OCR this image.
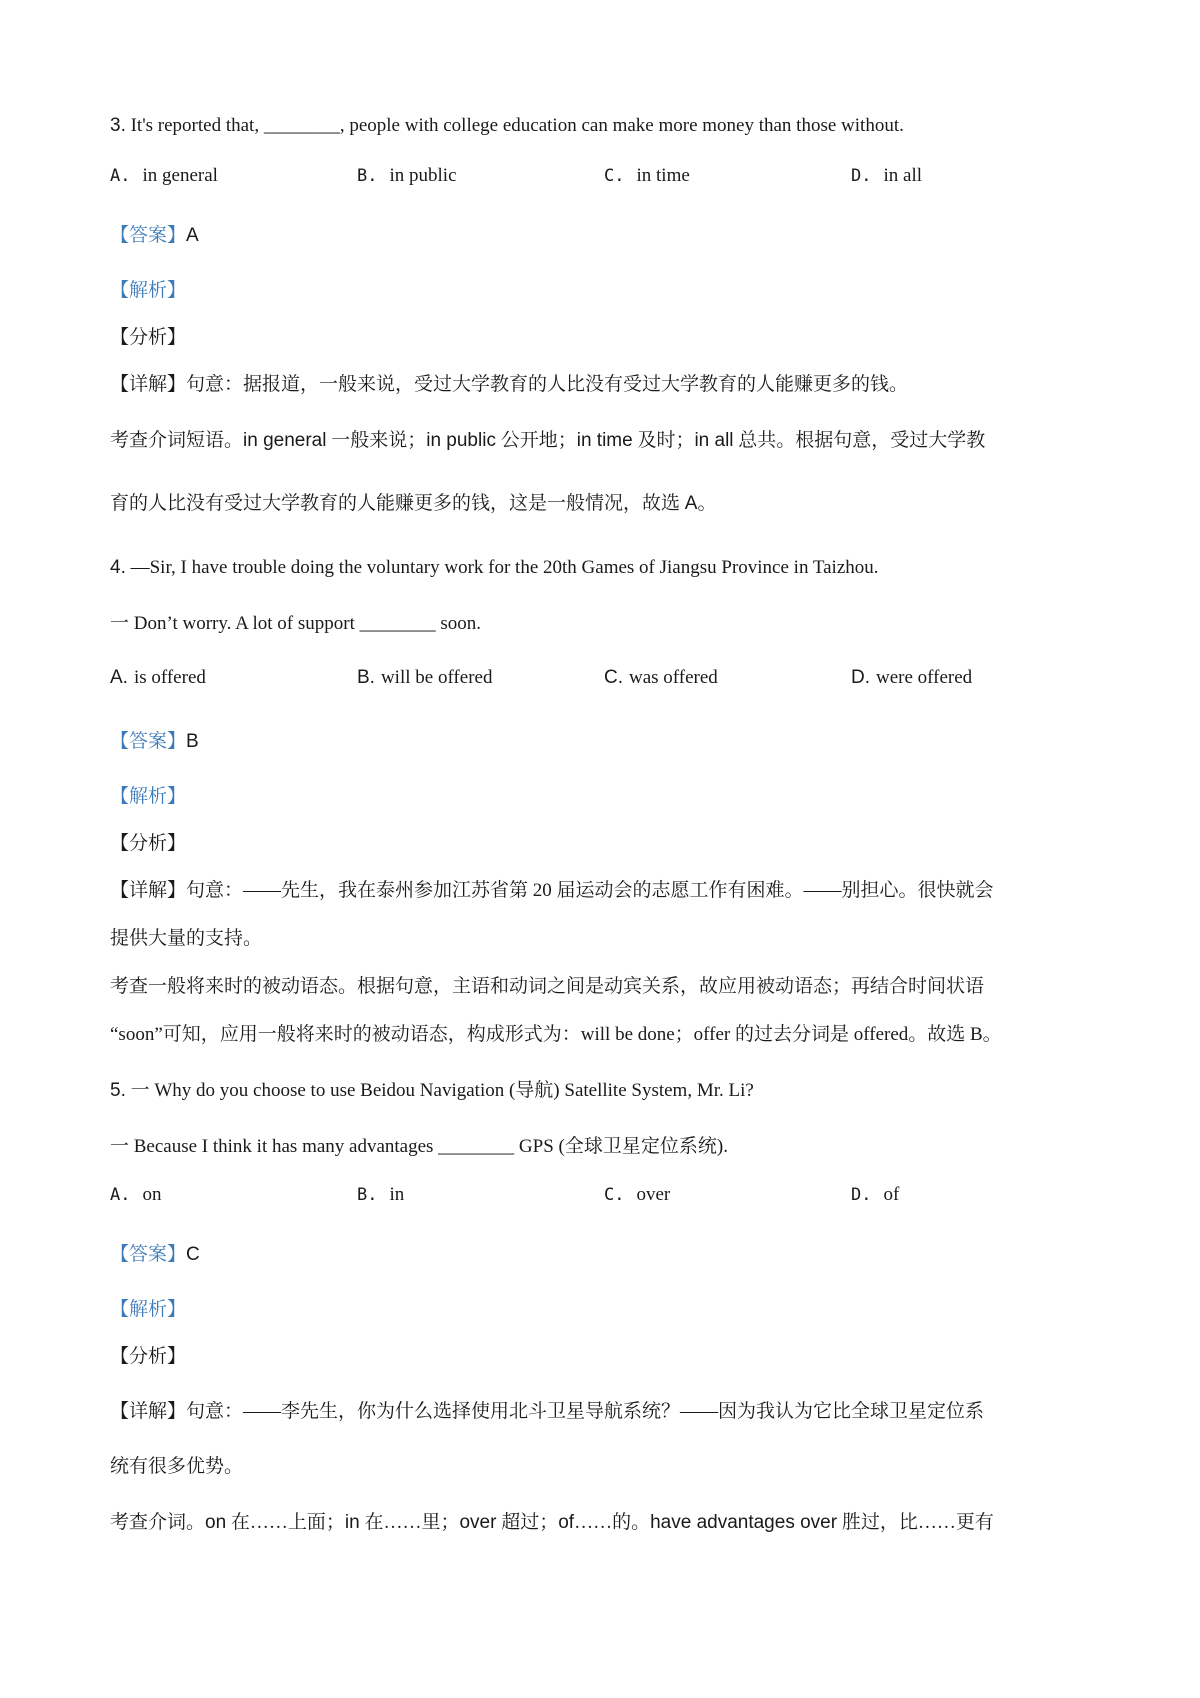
3. It's reported that, ________, people with college education can make more money than those without.
A. in general	B. in public	C. in time	D. in all
【答案】A
【解析】
【分析】
【详解】句意：据报道，一般来说，受过大学教育的人比没有受过大学教育的人能赚更多的钱。
考查介词短语。in general 一般来说；in public 公开地；in time 及时；in all 总共。根据句意，受过大学教
育的人比没有受过大学教育的人能赚更多的钱，这是一般情况，故选 A。
4. —Sir, I have trouble doing the voluntary work for the 20th Games of Jiangsu Province in Taizhou.
一 Don’t worry. A lot of support ________ soon.
A. is offered	B. will be offered	C. was offered	D. were offered
【答案】B
【解析】
【分析】
【详解】句意：——先生，我在泰州参加江苏省第 20 届运动会的志愿工作有困难。——别担心。很快就会
提供大量的支持。
考查一般将来时的被动语态。根据句意，主语和动词之间是动宾关系，故应用被动语态；再结合时间状语
“soon”可知，应用一般将来时的被动语态，构成形式为：will be done；offer 的过去分词是 offered。故选 B。
5. 一 Why do you choose to use Beidou Navigation (导航) Satellite System, Mr. Li?
一 Because I think it has many advantages ________ GPS (全球卫星定位系统).
A. on	B. in	C. over	D. of
【答案】C
【解析】
【分析】
【详解】句意：——李先生，你为什么选择使用北斗卫星导航系统？——因为我认为它比全球卫星定位系
统有很多优势。
考查介词。on 在……上面；in 在……里；over 超过；of……的。have advantages over 胜过，比……更有
